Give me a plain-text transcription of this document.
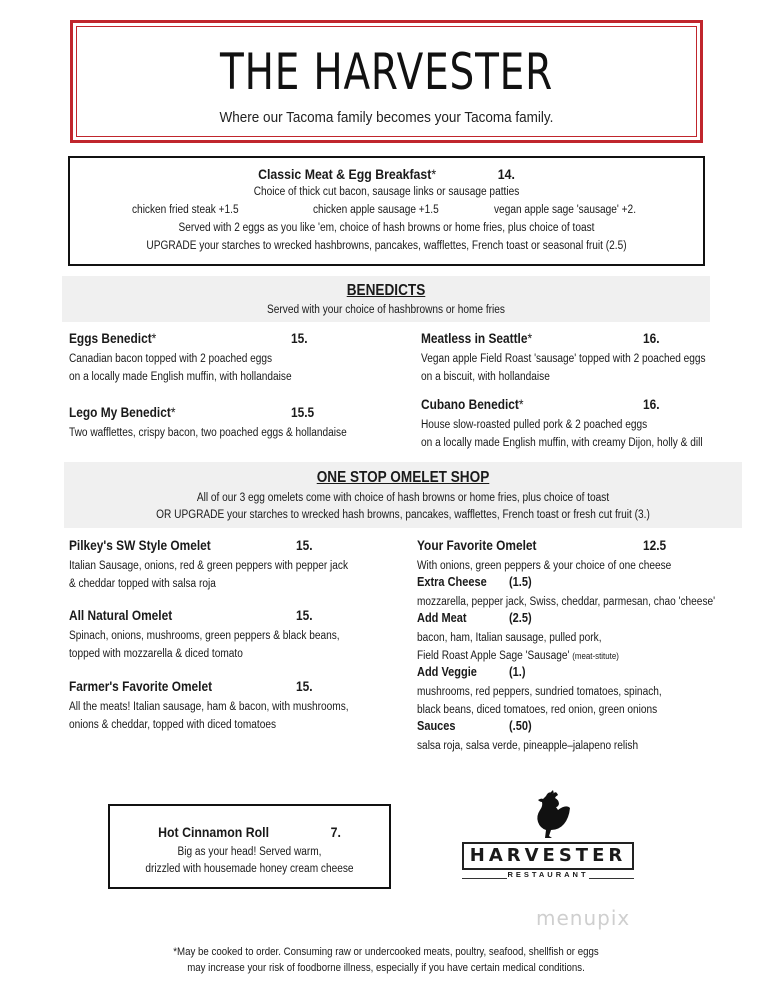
THE HARVESTER
Where our Tacoma family becomes your Tacoma family.
Classic Meat & Egg Breakfast*	14.
Choice of thick cut bacon, sausage links or sausage patties
chicken fried steak +1.5	chicken apple sausage +1.5	vegan apple sage 'sausage' +2.
Served with 2 eggs as you like 'em, choice of hash browns or home fries, plus choice of toast
UPGRADE your starches to wrecked hashbrowns, pancakes, wafflettes, French toast or seasonal fruit (2.5)
BENEDICTS
Served with your choice of hashbrowns or home fries
Eggs Benedict*	15.
Canadian bacon topped with 2 poached eggs
on a locally made English muffin, with hollandaise
Lego My Benedict*	15.5
Two wafflettes, crispy bacon, two poached eggs & hollandaise
Meatless in Seattle*	16.
Vegan apple Field Roast 'sausage' topped with 2 poached eggs
on a biscuit, with hollandaise
Cubano Benedict*	16.
House slow-roasted pulled pork & 2 poached eggs
on a locally made English muffin, with creamy Dijon, holly & dill
ONE STOP OMELET SHOP
All of our 3 egg omelets come with choice of hash browns or home fries, plus choice of toast
OR UPGRADE your starches to wrecked hash browns, pancakes, wafflettes, French toast or fresh cut fruit (3.)
Pilkey's SW Style Omelet	15.
Italian Sausage, onions, red & green peppers with pepper jack
& cheddar topped with salsa roja
All Natural Omelet	15.
Spinach, onions, mushrooms, green peppers & black beans,
topped with mozzarella & diced tomato
Farmer's Favorite Omelet	15.
All the meats! Italian sausage, ham & bacon, with mushrooms,
onions & cheddar, topped with diced tomatoes
Your Favorite Omelet	12.5
With onions, green peppers & your choice of one cheese
Extra Cheese (1.5)
mozzarella, pepper jack, Swiss, cheddar, parmesan, chao 'cheese'
Add Meat	(2.5)
bacon, ham, Italian sausage, pulled pork,
Field Roast Apple Sage 'Sausage' (meat-stitute)
Add Veggie	(1.)
mushrooms, red peppers, sundried tomatoes, spinach,
black beans, diced tomatoes, red onion, green onions
Sauces	(.50)
salsa roja, salsa verde, pineapple–jalapeno relish
Hot Cinnamon Roll	7.
Big as your head! Served warm,
drizzled with housemade honey cream cheese
HARVESTER
RESTAURANT
menupix
*May be cooked to order. Consuming raw or undercooked meats, poultry, seafood, shellfish or eggs
may increase your risk of foodborne illness, especially if you have certain medical conditions.
